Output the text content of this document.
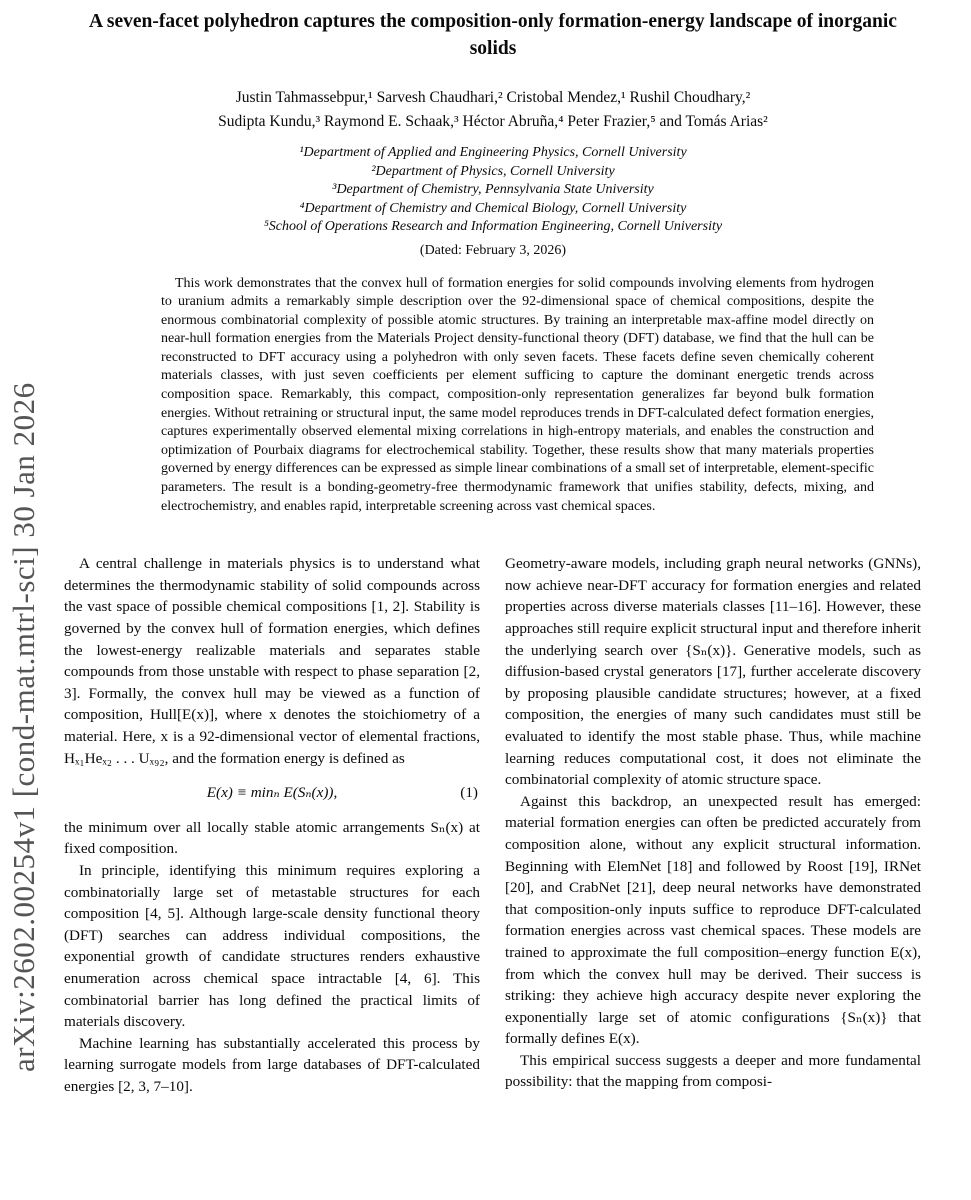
arXiv:2602.00254v1 [cond-mat.mtrl-sci] 30 Jan 2026
A seven-facet polyhedron captures the composition-only formation-energy landscape of inorganic solids
Justin Tahmassebpur,¹ Sarvesh Chaudhari,² Cristobal Mendez,¹ Rushil Choudhary,²
Sudipta Kundu,³ Raymond E. Schaak,³ Héctor Abruña,⁴ Peter Frazier,⁵ and Tomás Arias²
¹Department of Applied and Engineering Physics, Cornell University
²Department of Physics, Cornell University
³Department of Chemistry, Pennsylvania State University
⁴Department of Chemistry and Chemical Biology, Cornell University
⁵School of Operations Research and Information Engineering, Cornell University
(Dated: February 3, 2026)
This work demonstrates that the convex hull of formation energies for solid compounds involving elements from hydrogen to uranium admits a remarkably simple description over the 92-dimensional space of chemical compositions, despite the enormous combinatorial complexity of possible atomic structures. By training an interpretable max-affine model directly on near-hull formation energies from the Materials Project density-functional theory (DFT) database, we find that the hull can be reconstructed to DFT accuracy using a polyhedron with only seven facets. These facets define seven chemically coherent materials classes, with just seven coefficients per element sufficing to capture the dominant energetic trends across composition space. Remarkably, this compact, composition-only representation generalizes far beyond bulk formation energies. Without retraining or structural input, the same model reproduces trends in DFT-calculated defect formation energies, captures experimentally observed elemental mixing correlations in high-entropy materials, and enables the construction and optimization of Pourbaix diagrams for electrochemical stability. Together, these results show that many materials properties governed by energy differences can be expressed as simple linear combinations of a small set of interpretable, element-specific parameters. The result is a bonding-geometry-free thermodynamic framework that unifies stability, defects, mixing, and electrochemistry, and enables rapid, interpretable screening across vast chemical spaces.

A central challenge in materials physics is to understand what determines the thermodynamic stability of solid compounds across the vast space of possible chemical compositions [1, 2]. Stability is governed by the convex hull of formation energies, which defines the lowest-energy realizable materials and separates stable compounds from those unstable with respect to phase separation [2, 3]. Formally, the convex hull may be viewed as a function of composition, Hull[E(x)], where x denotes the stoichiometry of a material. Here, x is a 92-dimensional vector of elemental fractions, Hₓ₁Heₓ₂ . . . Uₓ₉₂, and the formation energy is defined as

E(x) ≡ minₙ E(Sₙ(x)),	(1)

the minimum over all locally stable atomic arrangements Sₙ(x) at fixed composition.

In principle, identifying this minimum requires exploring a combinatorially large set of metastable structures for each composition [4, 5]. Although large-scale density functional theory (DFT) searches can address individual compositions, the exponential growth of candidate structures renders exhaustive enumeration across chemical space intractable [4, 6]. This combinatorial barrier has long defined the practical limits of materials discovery.

Machine learning has substantially accelerated this process by learning surrogate models from large databases of DFT-calculated energies [2, 3, 7–10].

Geometry-aware models, including graph neural networks (GNNs), now achieve near-DFT accuracy for formation energies and related properties across diverse materials classes [11–16]. However, these approaches still require explicit structural input and therefore inherit the underlying search over {Sₙ(x)}. Generative models, such as diffusion-based crystal generators [17], further accelerate discovery by proposing plausible candidate structures; however, at a fixed composition, the energies of many such candidates must still be evaluated to identify the most stable phase. Thus, while machine learning reduces computational cost, it does not eliminate the combinatorial complexity of atomic structure space.

Against this backdrop, an unexpected result has emerged: material formation energies can often be predicted accurately from composition alone, without any explicit structural information. Beginning with ElemNet [18] and followed by Roost [19], IRNet [20], and CrabNet [21], deep neural networks have demonstrated that composition-only inputs suffice to reproduce DFT-calculated formation energies across vast chemical spaces. These models are trained to approximate the full composition–energy function E(x), from which the convex hull may be derived. Their success is striking: they achieve high accuracy despite never exploring the exponentially large set of atomic configurations {Sₙ(x)} that formally defines E(x).

This empirical success suggests a deeper and more fundamental possibility: that the mapping from composi-
